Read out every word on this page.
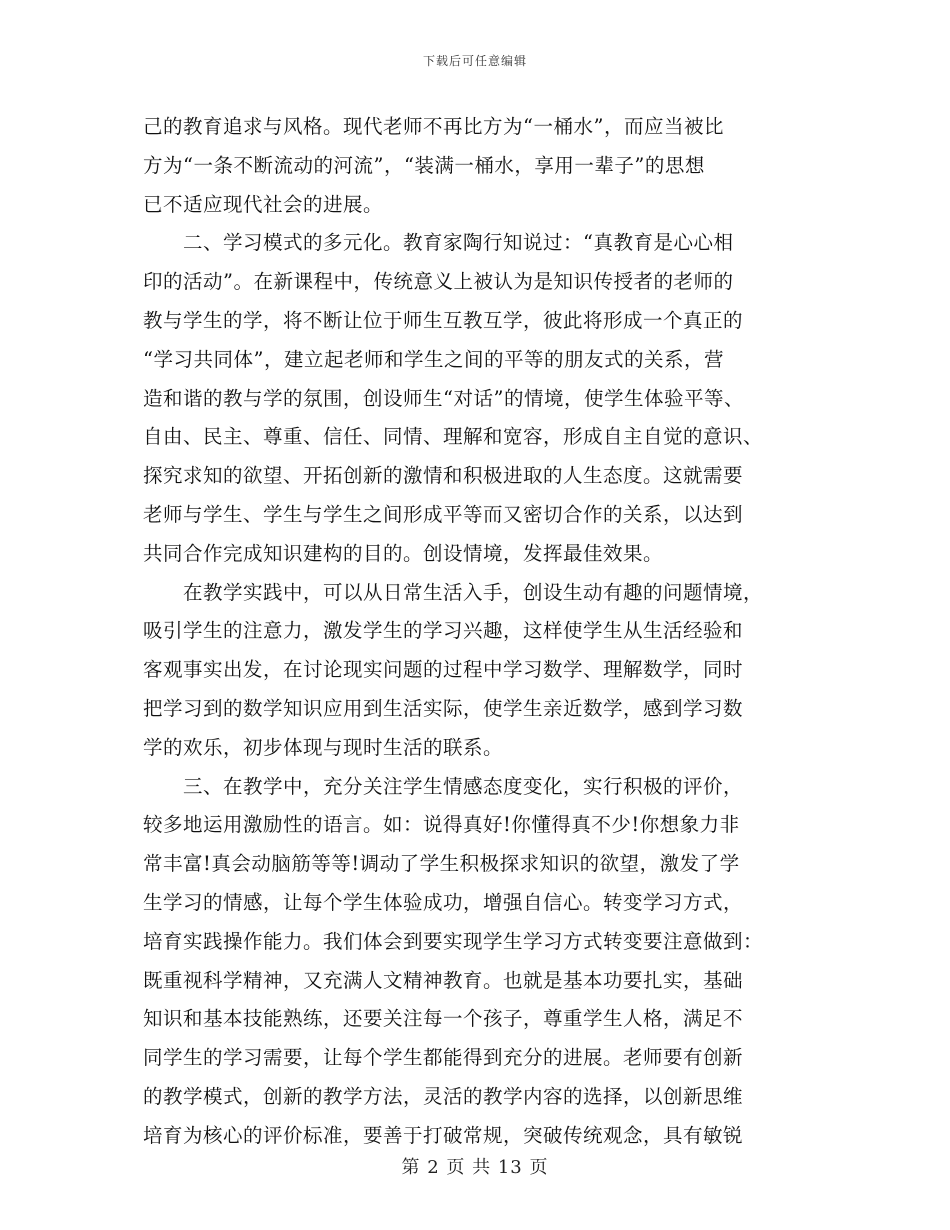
下载后可任意编辑
己的教育追求与风格。现代老师不再比方为“一桶水”，而应当被比
方为“一条不断流动的河流”，“装满一桶水，享用一辈子”的思想
已不适应现代社会的进展。
　　二、学习模式的多元化。教育家陶行知说过：“真教育是心心相
印的活动”。在新课程中，传统意义上被认为是知识传授者的老师的
教与学生的学，将不断让位于师生互教互学，彼此将形成一个真正的
“学习共同体”，建立起老师和学生之间的平等的朋友式的关系，营
造和谐的教与学的氛围，创设师生“对话”的情境，使学生体验平等、
自由、民主、尊重、信任、同情、理解和宽容，形成自主自觉的意识、
探究求知的欲望、开拓创新的激情和积极进取的人生态度。这就需要
老师与学生、学生与学生之间形成平等而又密切合作的关系，以达到
共同合作完成知识建构的目的。创设情境，发挥最佳效果。
　　在教学实践中，可以从日常生活入手，创设生动有趣的问题情境，
吸引学生的注意力，激发学生的学习兴趣，这样使学生从生活经验和
客观事实出发，在讨论现实问题的过程中学习数学、理解数学，同时
把学习到的数学知识应用到生活实际，使学生亲近数学，感到学习数
学的欢乐，初步体现与现时生活的联系。
　　三、在教学中，充分关注学生情感态度变化，实行积极的评价，
较多地运用激励性的语言。如：说得真好!你懂得真不少!你想象力非
常丰富!真会动脑筋等等!调动了学生积极探求知识的欲望，激发了学
生学习的情感，让每个学生体验成功，增强自信心。转变学习方式，
培育实践操作能力。我们体会到要实现学生学习方式转变要注意做到：
既重视科学精神，又充满人文精神教育。也就是基本功要扎实，基础
知识和基本技能熟练，还要关注每一个孩子，尊重学生人格，满足不
同学生的学习需要，让每个学生都能得到充分的进展。老师要有创新
的教学模式，创新的教学方法，灵活的教学内容的选择，以创新思维
培育为核心的评价标准，要善于打破常规，突破传统观念，具有敏锐
第 2 页 共 13 页
